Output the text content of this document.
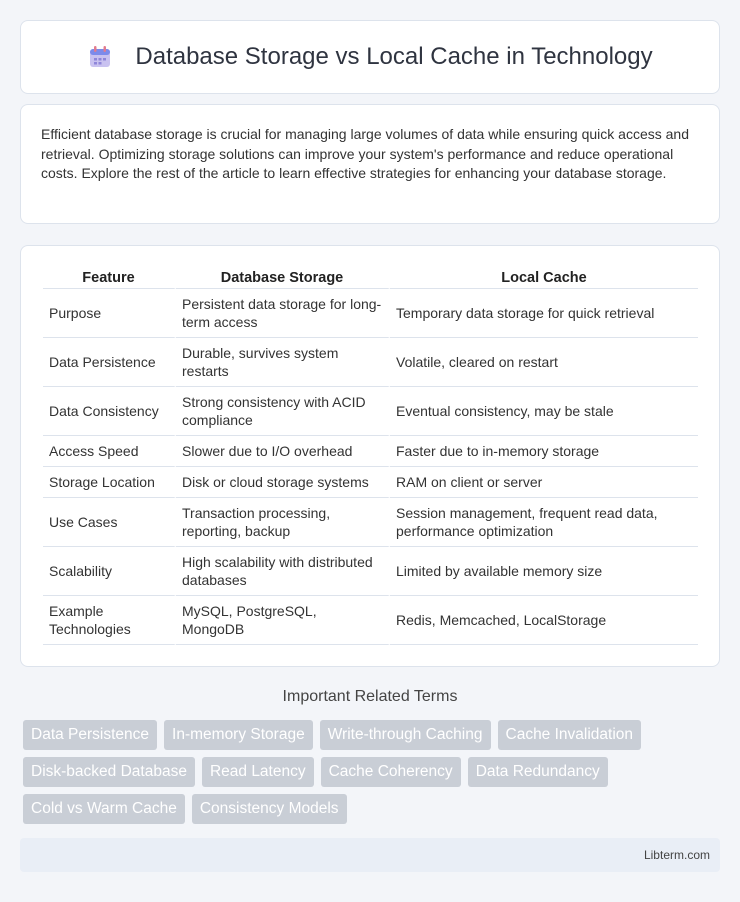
Database Storage vs Local Cache in Technology

Efficient database storage is crucial for managing large volumes of data while ensuring quick access and retrieval. Optimizing storage solutions can improve your system's performance and reduce operational costs. Explore the rest of the article to learn effective strategies for enhancing your database storage.

Feature	Database Storage	Local Cache
Purpose	Persistent data storage for long-term access	Temporary data storage for quick retrieval
Data Persistence	Durable, survives system restarts	Volatile, cleared on restart
Data Consistency	Strong consistency with ACID compliance	Eventual consistency, may be stale
Access Speed	Slower due to I/O overhead	Faster due to in-memory storage
Storage Location	Disk or cloud storage systems	RAM on client or server
Use Cases	Transaction processing, reporting, backup	Session management, frequent read data, performance optimization
Scalability	High scalability with distributed databases	Limited by available memory size
Example Technologies	MySQL, PostgreSQL, MongoDB	Redis, Memcached, LocalStorage
Important Related Terms
Data Persistence	In-memory Storage	Write-through Caching	Cache Invalidation
Disk-backed Database	Read Latency	Cache Coherency	Data Redundancy
Cold vs Warm Cache	Consistency Models
Libterm.com
